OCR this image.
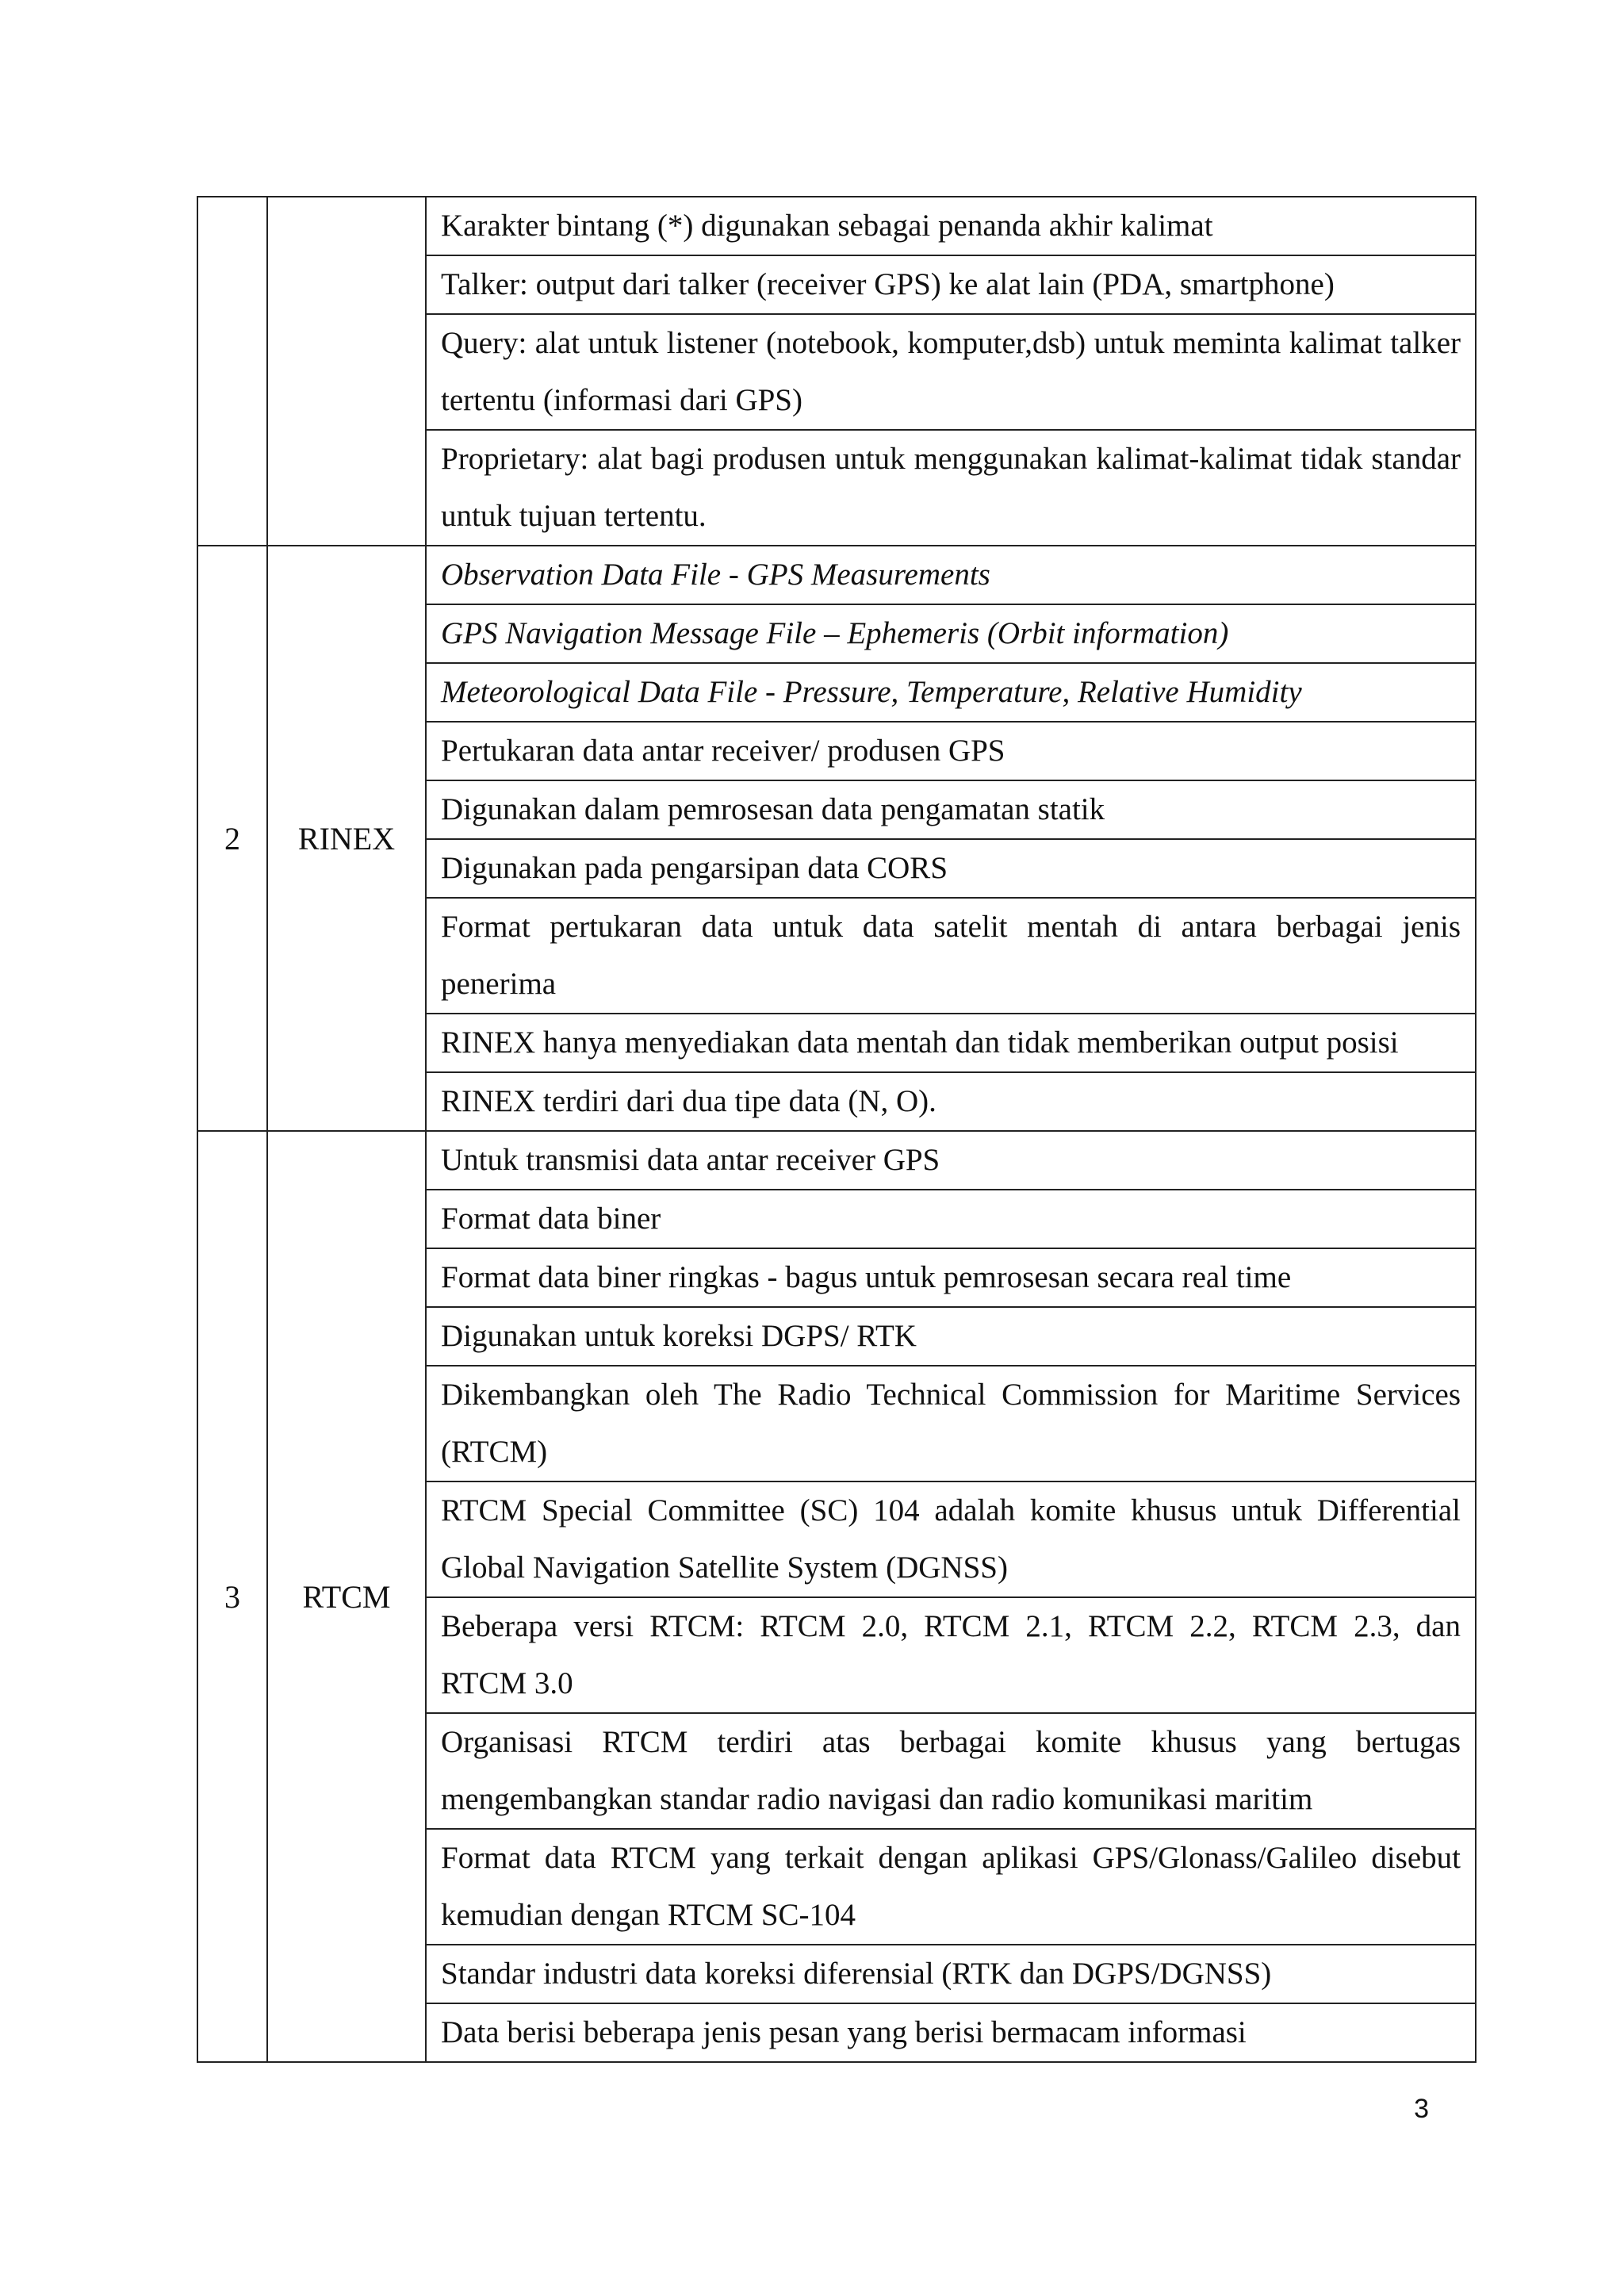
		Karakter bintang (*) digunakan sebagai penanda akhir kalimat
		Talker: output dari talker (receiver GPS) ke alat lain (PDA, smartphone)
		Query: alat untuk listener (notebook, komputer,dsb) untuk meminta kalimat talker tertentu (informasi dari GPS)
		Proprietary: alat bagi produsen untuk menggunakan kalimat-kalimat tidak standar untuk tujuan tertentu.
2	RINEX	Observation Data File - GPS Measurements
		GPS Navigation Message File – Ephemeris (Orbit information)
		Meteorological Data File - Pressure, Temperature, Relative Humidity
		Pertukaran data antar receiver/ produsen GPS
		Digunakan dalam pemrosesan data pengamatan statik
		Digunakan pada pengarsipan data CORS
		Format pertukaran data untuk data satelit mentah di antara berbagai jenis penerima
		RINEX hanya menyediakan data mentah dan tidak memberikan output posisi
		RINEX terdiri dari dua tipe data (N, O).
3	RTCM	Untuk transmisi data antar receiver GPS
		Format data biner
		Format data biner ringkas - bagus untuk pemrosesan secara real time
		Digunakan untuk koreksi DGPS/ RTK
		Dikembangkan oleh The Radio Technical Commission for Maritime Services (RTCM)
		RTCM Special Committee (SC) 104 adalah komite khusus untuk Differential Global Navigation Satellite System (DGNSS)
		Beberapa versi RTCM: RTCM 2.0, RTCM 2.1, RTCM 2.2, RTCM 2.3, dan RTCM 3.0
		Organisasi RTCM terdiri atas berbagai komite khusus yang bertugas mengembangkan standar radio navigasi dan radio komunikasi maritim
		Format data RTCM yang terkait dengan aplikasi GPS/Glonass/Galileo disebut kemudian dengan RTCM SC-104
		Standar industri data koreksi diferensial (RTK dan DGPS/DGNSS)
		Data berisi beberapa jenis pesan yang berisi bermacam informasi
3
